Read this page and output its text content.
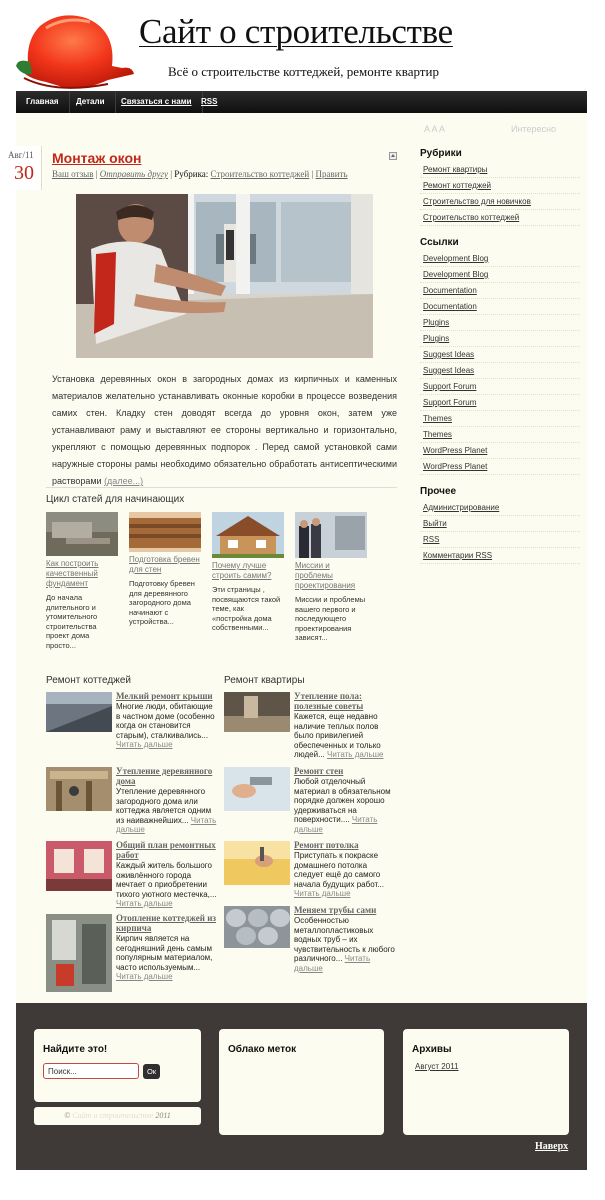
Сайт о строительстве
Всё о строительстве коттеджей, ремонте квартир
Главная	Детали	Связаться с нами	RSS
Авг/11
30
Монтаж окон
Ваш отзыв | Отправить другу | Рубрика: Строительство коттеджей | Править
Установка деревянных окон в загородных домах из кирпичных и каменных материалов желательно устанавливать оконные коробки в процессе возведения самих стен. Кладку стен доводят всегда до уровня окон, затем уже устанавливают раму и выставляют ее стороны вертикально и горизонтально, укрепляют с помощью деревянных подпорок . Перед самой установкой сами наружные стороны рамы необходимо обязательно обработать антисептическими растворами (далее...)
Цикл статей для начинающих
Как построить качественный фундамент
До начала длительного и утомительного строительства проект дома просто...
Подготовка бревен для стен
Подготовку бревен для деревянного загородного дома начинают с устройства...
Почему лучше строить самим?
Эти страницы , посвящаются такой теме, как «постройка дома собственными...
Миссии и проблемы проектирования
Миссии и проблемы вашего первого и последующего проектирования зависят...
Ремонт коттеджей	Ремонт квартиры
Мелкий ремонт крыши
Многие люди, обитающие в частном доме (особенно когда он становится старым), сталкивались... Читать дальше
Утепление деревянного дома
Утепление деревянного загородного дома или коттеджа является одним из наиважнейших... Читать дальше
Общий план ремонтных работ
Каждый житель большого оживлённого города мечтает о приобретении тихого уютного местечка,... Читать дальше
Отопление коттеджей из кирпича
Кирпич является на сегодняшний день самым популярным материалом, часто используемым... Читать дальше
Утепление пола: полезные советы
Кажется, еще недавно наличие теплых полов было привилегией обеспеченных и только людей... Читать дальше
Ремонт стен
Любой отделочный материал в обязательном порядке должен хорошо удерживаться на поверхности.... Читать дальше
Ремонт потолка
Приступать к покраске домашнего потолка следует ещё до самого начала будущих работ... Читать дальше
Меняем трубы сами
Особенностью металлопластиковых водных труб – их чувствительность к любого различного... Читать дальше
A A A	Интересно
Рубрики
Ремонт квартиры
Ремонт коттеджей
Строительство для новичков
Строительство коттеджей
Ссылки
Development Blog
Development Blog
Documentation
Documentation
Plugins
Plugins
Suggest Ideas
Suggest Ideas
Support Forum
Support Forum
Themes
Themes
WordPress Planet
WordPress Planet
Прочее
Администрирование
Выйти
RSS
Комментарии RSS
Найдите это!
Поиск...
Ок
Облако меток	Архивы
Август 2011
© Сайт о строительстве 2011
Наверх
